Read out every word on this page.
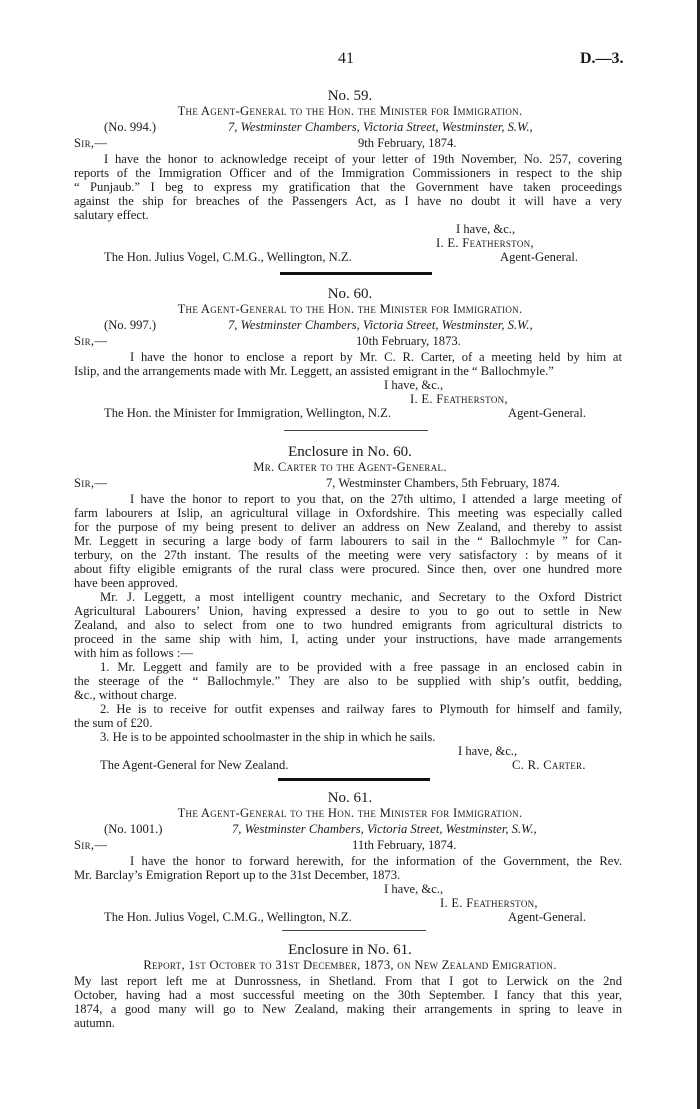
41	D.—3.
No. 59.
The Agent-General to the Hon. the Minister for Immigration.
(No. 994.)	7, Westminster Chambers, Victoria Street, Westminster, S.W.,
Sir,—	9th February, 1874.
I have the honor to acknowledge receipt of your letter of 19th November, No. 257, covering
reports of the Immigration Officer and of the Immigration Commissioners in respect to the ship
“ Punjaub.” I beg to express my gratification that the Government have taken proceedings
against the ship for breaches of the Passengers Act, as I have no doubt it will have a very
salutary effect.
I have, &c.,
I. E. Featherston,
The Hon. Julius Vogel, C.M.G., Wellington, N.Z.	Agent-General.
No. 60.
The Agent-General to the Hon. the Minister for Immigration.
(No. 997.)	7, Westminster Chambers, Victoria Street, Westminster, S.W.,
Sir,—	10th February, 1873.
I have the honor to enclose a report by Mr. C. R. Carter, of a meeting held by him at
Islip, and the arrangements made with Mr. Leggett, an assisted emigrant in the “ Ballochmyle.”
I have, &c.,
I. E. Featherston,
The Hon. the Minister for Immigration, Wellington, N.Z.	Agent-General.
Enclosure in No. 60.
Mr. Carter to the Agent-General.
Sir,—	7, Westminster Chambers, 5th February, 1874.
I have the honor to report to you that, on the 27th ultimo, I attended a large meeting of
farm labourers at Islip, an agricultural village in Oxfordshire. This meeting was especially called
for the purpose of my being present to deliver an address on New Zealand, and thereby to assist
Mr. Leggett in securing a large body of farm labourers to sail in the “ Ballochmyle ” for Can-
terbury, on the 27th instant. The results of the meeting were very satisfactory : by means of it
about fifty eligible emigrants of the rural class were procured. Since then, over one hundred more
have been approved.
Mr. J. Leggett, a most intelligent country mechanic, and Secretary to the Oxford District
Agricultural Labourers’ Union, having expressed a desire to you to go out to settle in New
Zealand, and also to select from one to two hundred emigrants from agricultural districts to
proceed in the same ship with him, I, acting under your instructions, have made arrangements
with him as follows :—
1. Mr. Leggett and family are to be provided with a free passage in an enclosed cabin in
the steerage of the “ Ballochmyle.” They are also to be supplied with ship’s outfit, bedding,
&c., without charge.
2. He is to receive for outfit expenses and railway fares to Plymouth for himself and family,
the sum of £20.
3. He is to be appointed schoolmaster in the ship in which he sails.
I have, &c.,
The Agent-General for New Zealand.	C. R. Carter.
No. 61.
The Agent-General to the Hon. the Minister for Immigration.
(No. 1001.)	7, Westminster Chambers, Victoria Street, Westminster, S.W.,
Sir,—	11th February, 1874.
I have the honor to forward herewith, for the information of the Government, the Rev.
Mr. Barclay’s Emigration Report up to the 31st December, 1873.
I have, &c.,
I. E. Featherston,
The Hon. Julius Vogel, C.M.G., Wellington, N.Z.	Agent-General.
Enclosure in No. 61.
Report, 1st October to 31st December, 1873, on New Zealand Emigration.
My last report left me at Dunrossness, in Shetland. From that I got to Lerwick on the 2nd
October, having had a most successful meeting on the 30th September. I fancy that this year,
1874, a good many will go to New Zealand, making their arrangements in spring to leave in
autumn.
